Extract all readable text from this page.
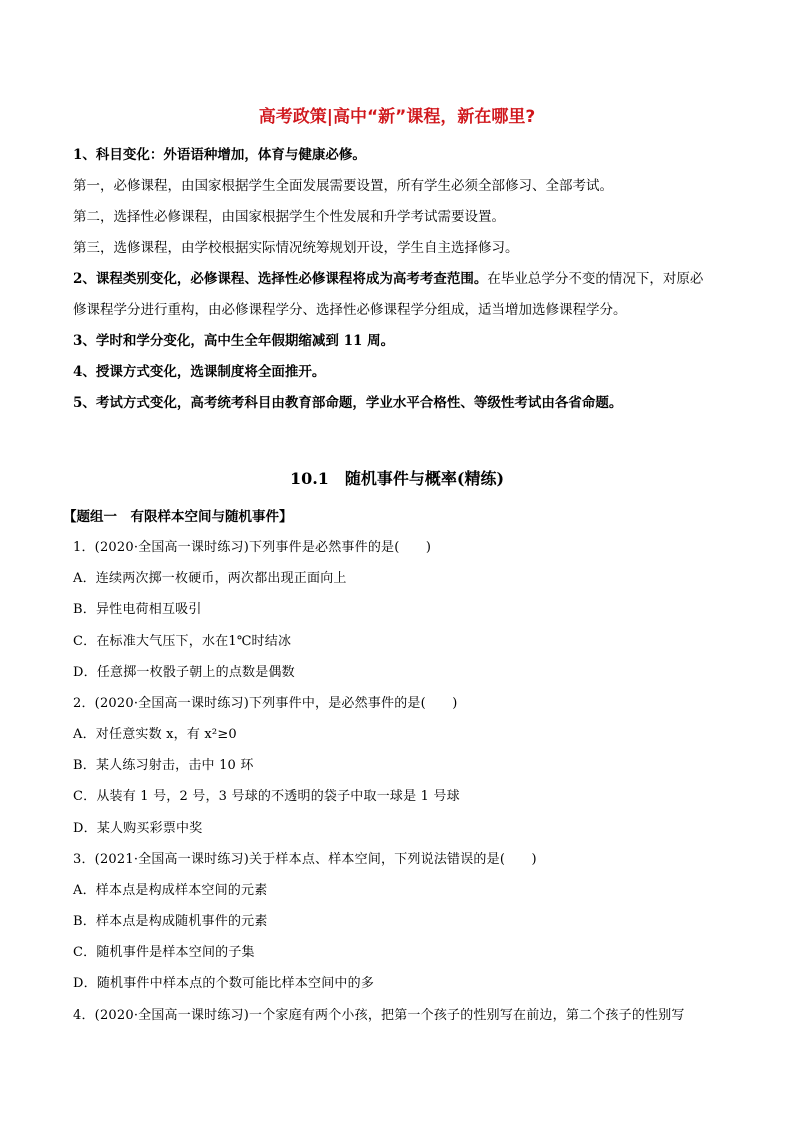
高考政策|高中“新”课程，新在哪里?
1、科目变化：外语语种增加，体育与健康必修。
第一，必修课程，由国家根据学生全面发展需要设置，所有学生必须全部修习、全部考试。
第二，选择性必修课程，由国家根据学生个性发展和升学考试需要设置。
第三，选修课程，由学校根据实际情况统筹规划开设，学生自主选择修习。
2、课程类别变化，必修课程、选择性必修课程将成为高考考查范围。在毕业总学分不变的情况下，对原必
修课程学分进行重构，由必修课程学分、选择性必修课程学分组成，适当增加选修课程学分。
3、学时和学分变化，高中生全年假期缩减到 11 周。
4、授课方式变化，选课制度将全面推开。
5、考试方式变化，高考统考科目由教育部命题，学业水平合格性、等级性考试由各省命题。
10.1　随机事件与概率(精练)
【题组一　有限样本空间与随机事件】
1．(2020·全国高一课时练习)下列事件是必然事件的是(　　)
A．连续两次掷一枚硬币，两次都出现正面向上
B．异性电荷相互吸引
C．在标准大气压下，水在1℃时结冰
D．任意掷一枚骰子朝上的点数是偶数
2．(2020·全国高一课时练习)下列事件中，是必然事件的是(　　)
A．对任意实数 x，有 x²≥0
B．某人练习射击，击中 10 环
C．从装有 1 号，2 号，3 号球的不透明的袋子中取一球是 1 号球
D．某人购买彩票中奖
3．(2021·全国高一课时练习)关于样本点、样本空间，下列说法错误的是(　　)
A．样本点是构成样本空间的元素
B．样本点是构成随机事件的元素
C．随机事件是样本空间的子集
D．随机事件中样本点的个数可能比样本空间中的多
4．(2020·全国高一课时练习)一个家庭有两个小孩，把第一个孩子的性别写在前边，第二个孩子的性别写
